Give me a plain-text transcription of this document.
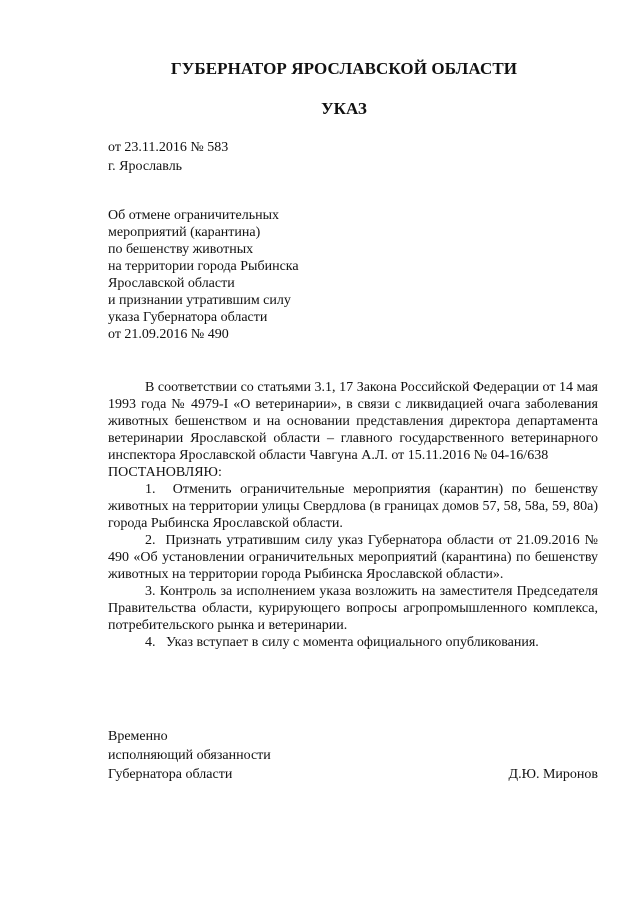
ГУБЕРНАТОР ЯРОСЛАВСКОЙ ОБЛАСТИ
УКАЗ
от 23.11.2016 № 583
г. Ярославль
Об отмене ограничительных
мероприятий (карантина)
по бешенству животных
на территории города Рыбинска
Ярославской области
и признании утратившим силу
указа Губернатора области
от 21.09.2016 № 490

В соответствии со статьями 3.1, 17 Закона Российской Федерации от 14 мая 1993 года № 4979-I «О ветеринарии», в связи с ликвидацией очага заболевания животных бешенством и на основании представления директора департамента ветеринарии Ярославской области – главного государственного ветеринарного инспектора Ярославской области Чавгуна А.Л. от 15.11.2016 № 04-16/638

ПОСТАНОВЛЯЮ:

1.  Отменить ограничительные мероприятия (карантин) по бешенству животных на территории улицы Свердлова (в границах домов 57, 58, 58а, 59, 80а) города Рыбинска Ярославской области.

2.  Признать утратившим силу указ Губернатора области от 21.09.2016 № 490 «Об установлении ограничительных мероприятий (карантина) по бешенству животных на территории города Рыбинска Ярославской области».

3. Контроль за исполнением указа возложить на заместителя Председателя Правительства области, курирующего вопросы агропромышленного комплекса, потребительского рынка и ветеринарии.

4.   Указ вступает в силу с момента официального опубликования.

Временно
исполняющий обязанности
Губернатора области	Д.Ю. Миронов
